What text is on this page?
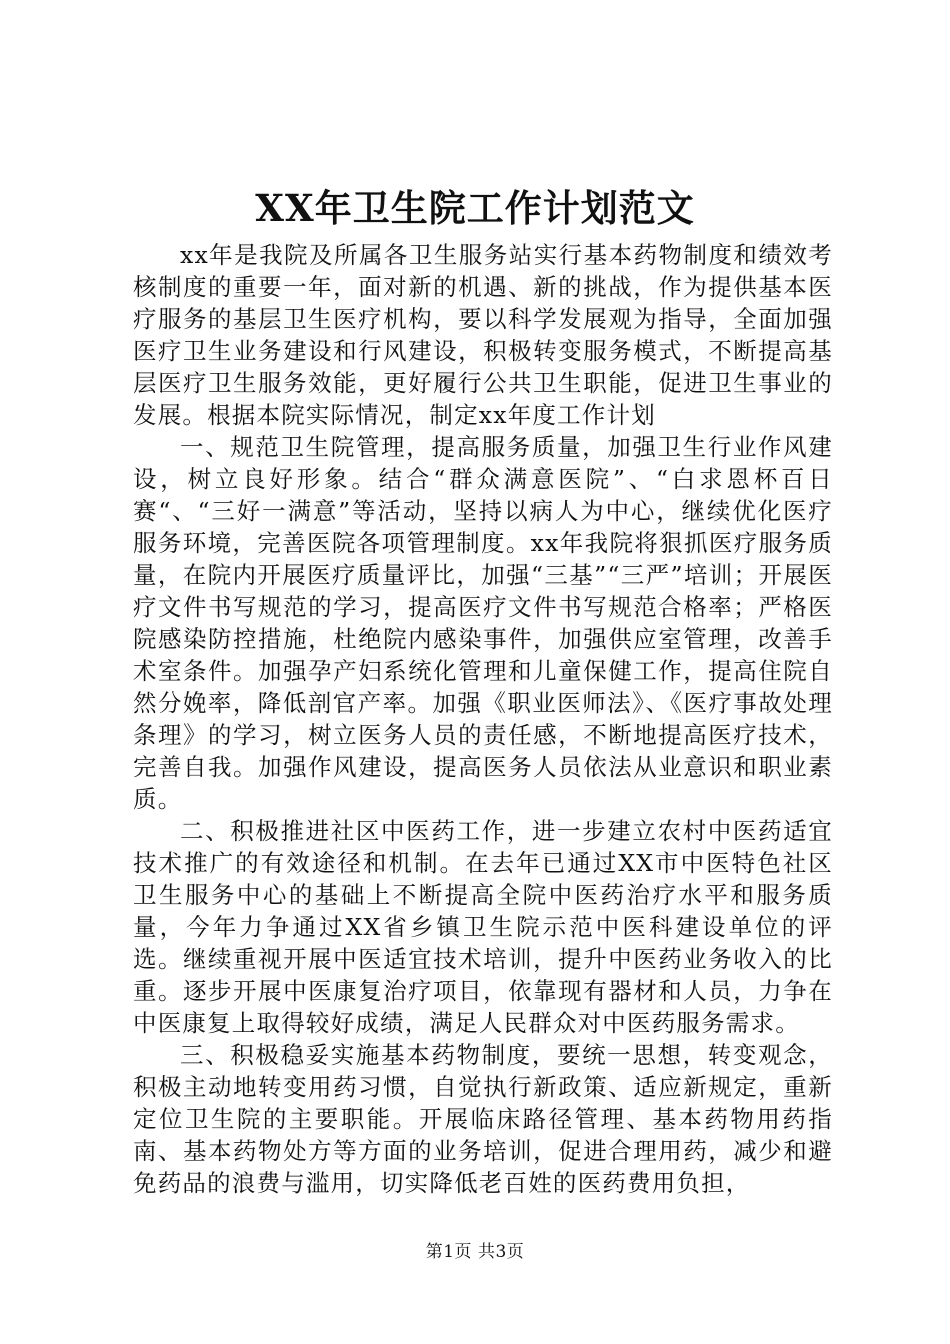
XX年卫生院工作计划范文

xx年是我院及所属各卫生服务站实行基本药物制度和绩效考核制度的重要一年，面对新的机遇、新的挑战，作为提供基本医疗服务的基层卫生医疗机构，要以科学发展观为指导，全面加强医疗卫生业务建设和行风建设，积极转变服务模式，不断提高基层医疗卫生服务效能，更好履行公共卫生职能，促进卫生事业的发展。根据本院实际情况，制定xx年度工作计划

一、规范卫生院管理，提高服务质量，加强卫生行业作风建设，树立良好形象。结合“群众满意医院”、“白求恩杯百日赛“、“三好一满意”等活动，坚持以病人为中心，继续优化医疗服务环境，完善医院各项管理制度。xx年我院将狠抓医疗服务质量，在院内开展医疗质量评比，加强“三基”“三严”培训；开展医疗文件书写规范的学习，提高医疗文件书写规范合格率；严格医院感染防控措施，杜绝院内感染事件，加强供应室管理，改善手术室条件。加强孕产妇系统化管理和儿童保健工作，提高住院自然分娩率，降低剖官产率。加强《职业医师法》、《医疗事故处理条理》的学习，树立医务人员的责任感，不断地提高医疗技术，完善自我。加强作风建设，提高医务人员依法从业意识和职业素质。

二、积极推进社区中医药工作，进一步建立农村中医药适宜技术推广的有效途径和机制。在去年已通过XX市中医特色社区卫生服务中心的基础上不断提高全院中医药治疗水平和服务质量，今年力争通过XX省乡镇卫生院示范中医科建设单位的评选。继续重视开展中医适宜技术培训，提升中医药业务收入的比重。逐步开展中医康复治疗项目，依靠现有器材和人员，力争在中医康复上取得较好成绩，满足人民群众对中医药服务需求。

三、积极稳妥实施基本药物制度，要统一思想，转变观念，积极主动地转变用药习惯，自觉执行新政策、适应新规定，重新定位卫生院的主要职能。开展临床路径管理、基本药物用药指南、基本药物处方等方面的业务培训，促进合理用药，减少和避免药品的浪费与滥用，切实降低老百姓的医药费用负担，

第1页 共3页
